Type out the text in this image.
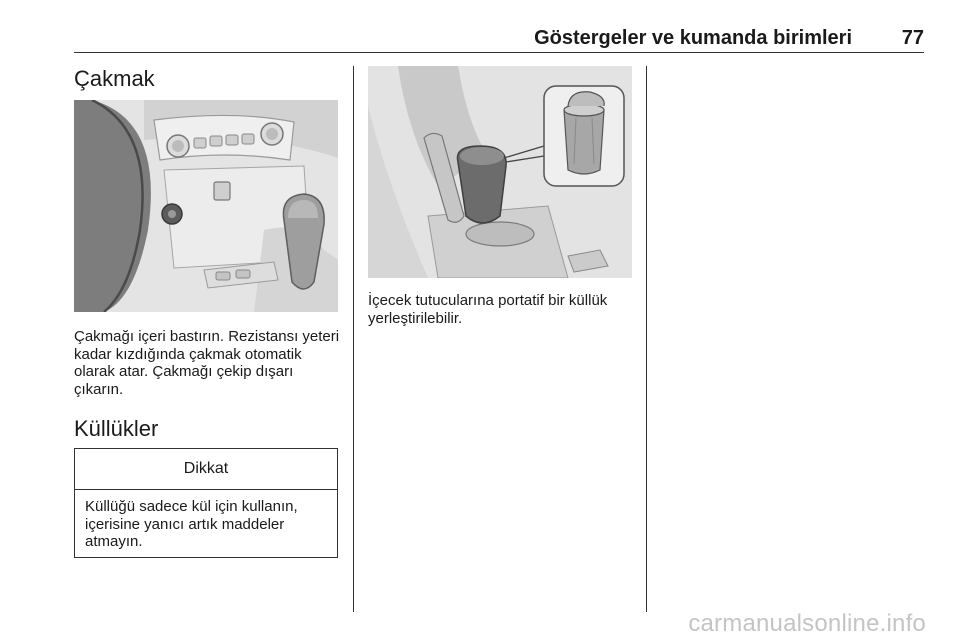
Göstergeler ve kumanda birimleri 77
Çakmak

Çakmağı içeri bastırın. Rezistansı yeteri kadar kızdığında çakmak otomatik olarak atar. Çakmağı çekip dışarı çıkarın.

Küllükler
Dikkat

Küllüğü sadece kül için kullanın, içerisine yanıcı artık maddeler atmayın.

İçecek tutucularına portatif bir küllük yerleştirilebilir.

carmanualsonline.info
